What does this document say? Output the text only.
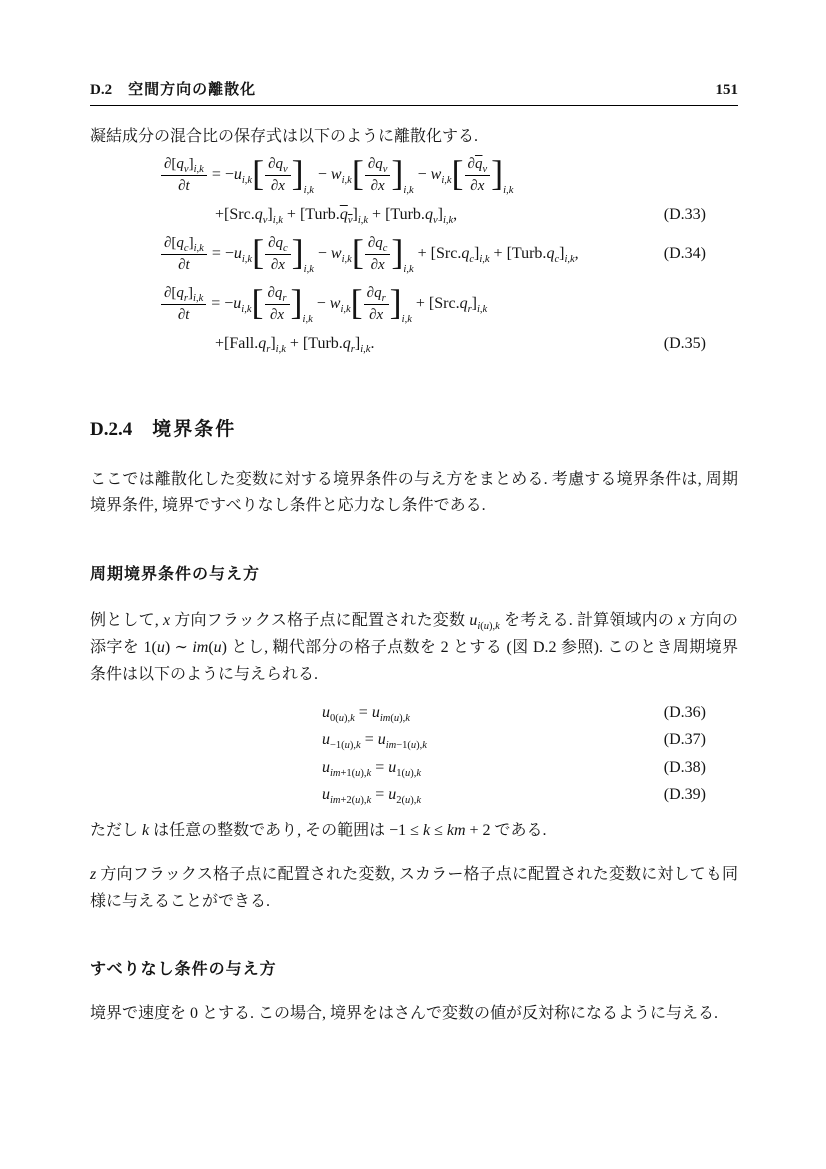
D.2 空間方向の離散化	151

凝結成分の混合比の保存式は以下のように離散化する.

$\frac{\partial[q_v]_{i,k}}{\partial t} = -u_{i,k}[ \frac{\partial q_v}{\partial x} ]_{i,k} - w_{i,k}[ \frac{\partial q_v}{\partial x} ]_{i,k} - w_{i,k}[ \frac{\partial\overline{q}_v}{\partial x} ]_{i,k}$
$+[Src.q_v]_{i,k}$ + $[Turb.q_v]_{i,k}$ + $[Turb.q_v]_{i,k}$,	(D.33)
$\frac{\partial[q_c]_{i,k}}{\partial t} = -u_{i,k}[ \frac{\partial q_c}{\partial x} ]_{i,k} - w_{i,k}[ \frac{\partial q_c}{\partial x} ]_{i,k} + [Src.q_c]_{i,k}$ + $[Turb.q_c]_{i,k}$,	(D.34)
$\frac{\partial[q_r]_{i,k}}{\partial t} = -u_{i,k}[ \frac{\partial q_r}{\partial x} ]_{i,k} - w_{i,k}[ \frac{\partial q_r}{\partial x} ]_{i,k} + [Src.q_r]_{i,k}$
$+[Fall.q_r]_{i,k}$ + $[Turb.q_r]_{i,k}$.	(D.35)
D.2.4 境界条件

ここでは離散化した変数に対する境界条件の与え方をまとめる. 考慮する境界条件は, 周期境界条件, 境界ですべりなし条件と応力なし条件である.

周期境界条件の与え方

例として, x 方向フラックス格子点に配置された変数 $u_{i(u),k}$ を考える. 計算領域内の x 方向の添字を 1(u) ∼ im(u) とし, 糊代部分の格子点数を 2 とする (図 D.2 参照). このとき周期境界条件は以下のように与えられる.

$u_{0(u),k} = u_{im(u),k}$	(D.36)
$u_{-1(u),k} = u_{im-1(u),k}$	(D.37)
$u_{im+1(u),k} = u_{1(u),k}$	(D.38)
$u_{im+2(u),k} = u_{2(u),k}$	(D.39)

ただし k は任意の整数であり, その範囲は −1 ≤ k ≤ km + 2 である.

z 方向フラックス格子点に配置された変数, スカラー格子点に配置された変数に対しても同様に与えることができる.

すべりなし条件の与え方

境界で速度を 0 とする. この場合, 境界をはさんで変数の値が反対称になるように与える.
